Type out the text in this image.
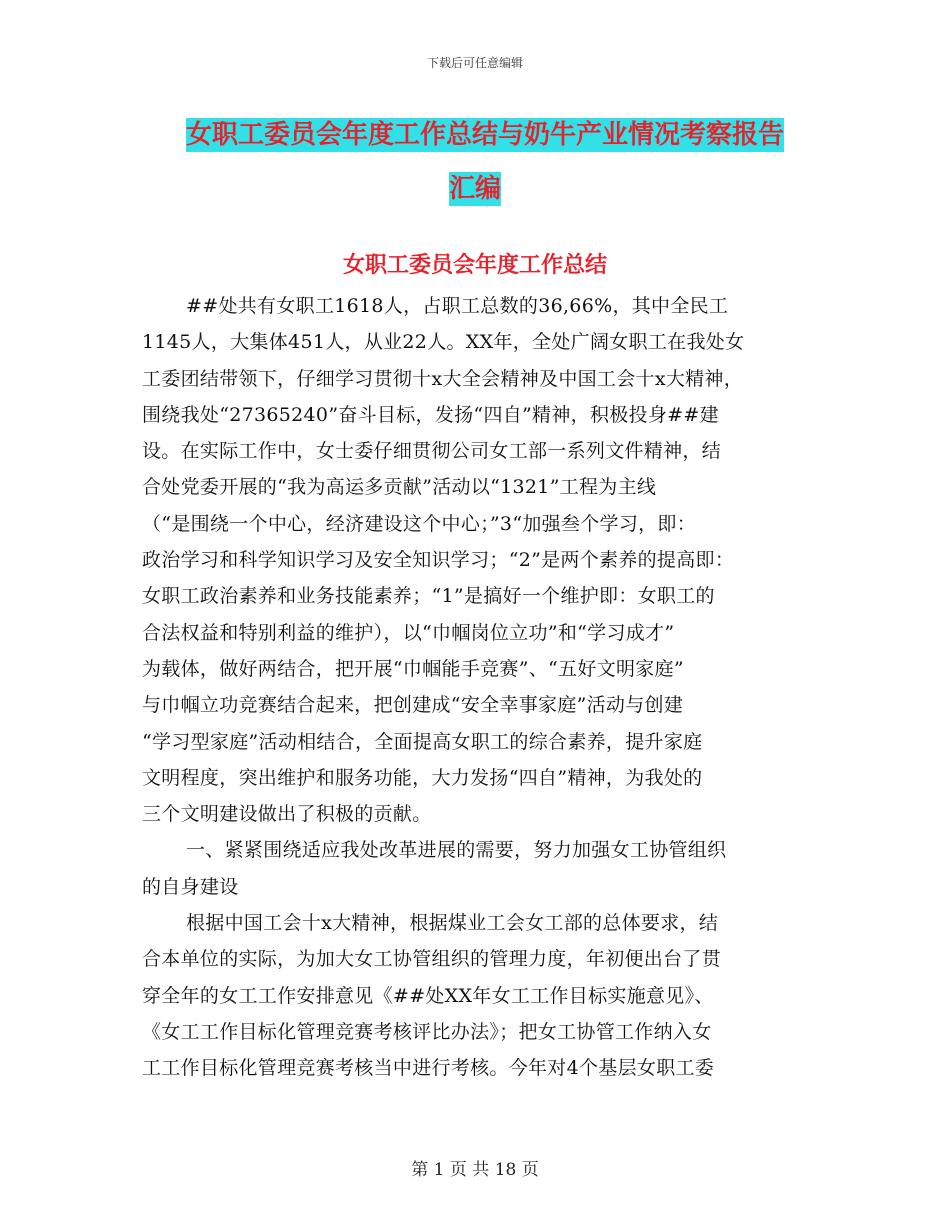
下载后可任意编辑
女职工委员会年度工作总结与奶牛产业情况考察报告
汇编
女职工委员会年度工作总结
##处共有女职工1618人，占职工总数的36,66%，其中全民工
1145人，大集体451人，从业22人。XX年，全处广阔女职工在我处女
工委团结带领下，仔细学习贯彻十x大全会精神及中国工会十x大精神，
围绕我处“27365240”奋斗目标，发扬“四自”精神，积极投身##建
设。在实际工作中，女士委仔细贯彻公司女工部一系列文件精神，结
合处党委开展的“我为高运多贡献”活动以“1321”工程为主线
（“是围绕一个中心，经济建设这个中心；”3“加强叁个学习，即：
政治学习和科学知识学习及安全知识学习；“2”是两个素养的提高即：
女职工政治素养和业务技能素养；“1”是搞好一个维护即：女职工的
合法权益和特别利益的维护），以“巾帼岗位立功”和“学习成才”
为载体，做好两结合，把开展“巾帼能手竞赛”、“五好文明家庭”
与巾帼立功竞赛结合起来，把创建成“安全幸事家庭”活动与创建
“学习型家庭”活动相结合，全面提高女职工的综合素养，提升家庭
文明程度，突出维护和服务功能，大力发扬“四自”精神，为我处的
三个文明建设做出了积极的贡献。
一、紧紧围绕适应我处改革进展的需要，努力加强女工协管组织
的自身建设
根据中国工会十x大精神，根据煤业工会女工部的总体要求，结
合本单位的实际，为加大女工协管组织的管理力度，年初便出台了贯
穿全年的女工工作安排意见《##处XX年女工工作目标实施意见》、
《女工工作目标化管理竞赛考核评比办法》；把女工协管工作纳入女
工工作目标化管理竞赛考核当中进行考核。今年对4个基层女职工委
第 1 页 共 18 页
